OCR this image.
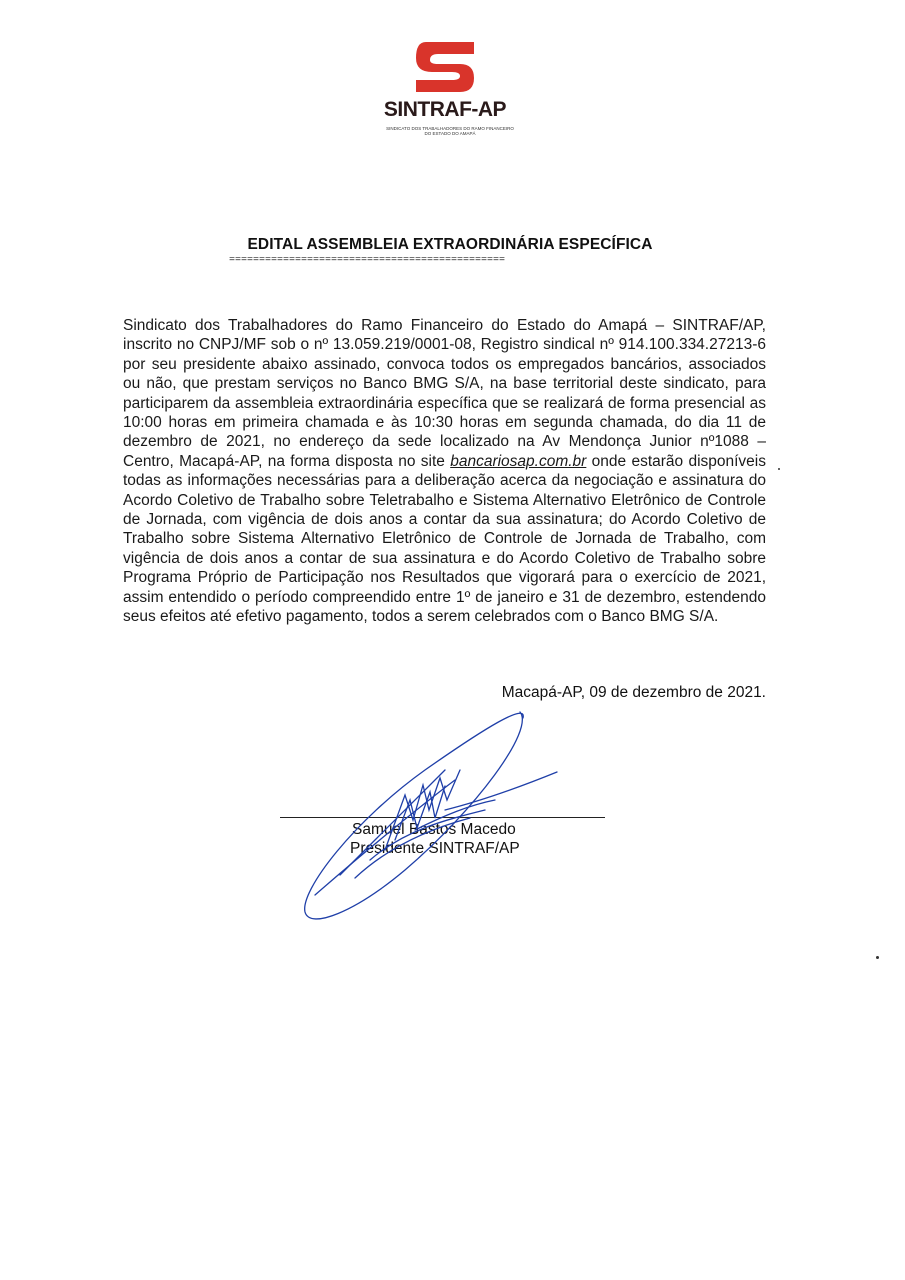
SINTRAF-AP
SINDICATO DOS TRABALHADORES DO RAMO FINANCEIRO
DO ESTADO DO AMAPÁ
EDITAL ASSEMBLEIA EXTRAORDINÁRIA ESPECÍFICA
==============================================
Sindicato dos Trabalhadores do Ramo Financeiro do Estado do Amapá – SINTRAF/AP, inscrito no CNPJ/MF sob o nº 13.059.219/0001-08, Registro sindical nº 914.100.334.27213-6 por seu presidente abaixo assinado, convoca todos os empregados bancários, associados ou não, que prestam serviços no Banco BMG S/A, na base territorial deste sindicato, para participarem da assembleia extraordinária específica que se realizará de forma presencial as 10:00 horas em primeira chamada e às 10:30 horas em segunda chamada, do dia 11 de dezembro de 2021, no endereço da sede localizado na Av Mendonça Junior nº1088 – Centro, Macapá-AP, na forma disposta no site bancariosap.com.br onde estarão disponíveis todas as informações necessárias para a deliberação acerca da negociação e assinatura do Acordo Coletivo de Trabalho sobre Teletrabalho e Sistema Alternativo Eletrônico de Controle de Jornada, com vigência de dois anos a contar da sua assinatura; do Acordo Coletivo de Trabalho sobre Sistema Alternativo Eletrônico de Controle de Jornada de Trabalho, com vigência de dois anos a contar de sua assinatura e do Acordo Coletivo de Trabalho sobre Programa Próprio de Participação nos Resultados que vigorará para o exercício de 2021, assim entendido o período compreendido entre 1º de janeiro e 31 de dezembro, estendendo seus efeitos até efetivo pagamento, todos a serem celebrados com o Banco BMG S/A.
Macapá-AP, 09 de dezembro de 2021.
Samuel Bastos Macedo
Presidente SINTRAF/AP
